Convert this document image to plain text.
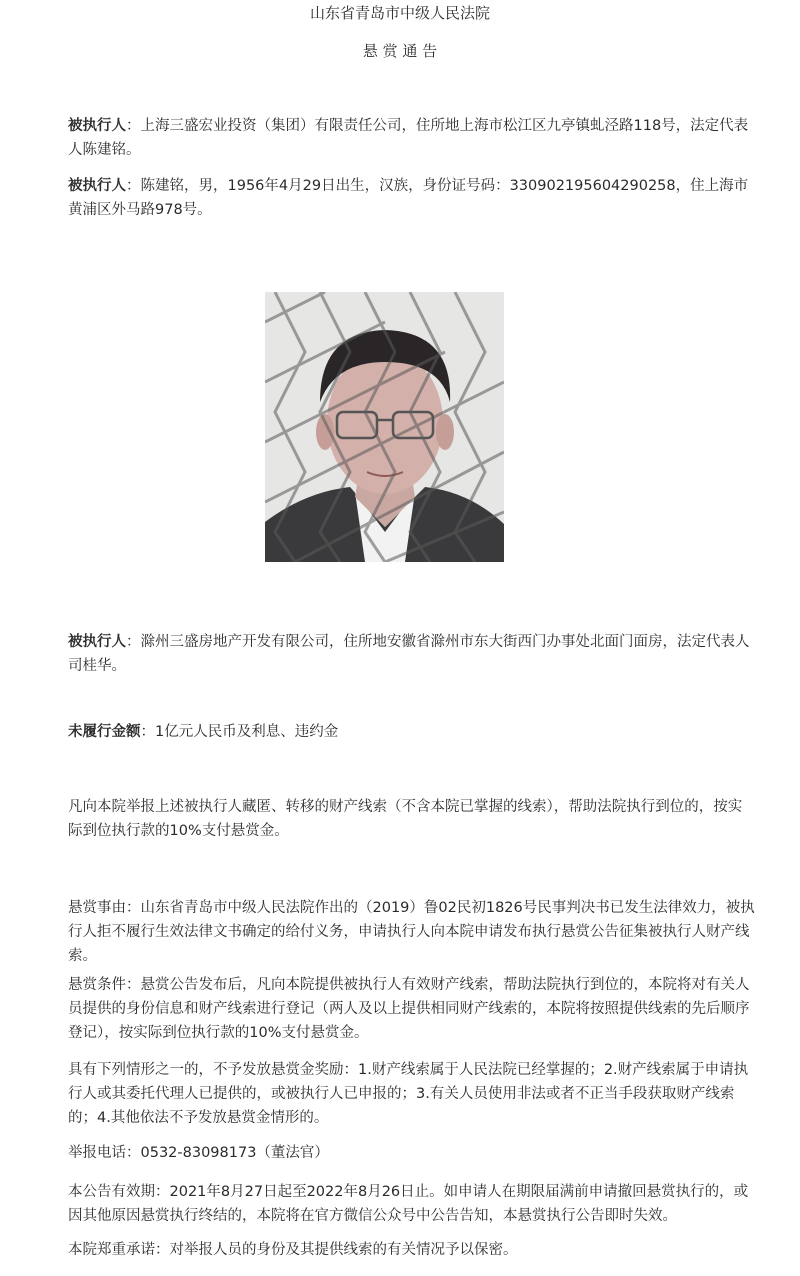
山东省青岛市中级人民法院
悬 赏 通 告
被执行人：上海三盛宏业投资（集团）有限责任公司，住所地上海市松江区九亭镇虬泾路118号，法定代表人陈建铭。
被执行人：陈建铭，男，1956年4月29日出生，汉族，身份证号码：330902195604290258，住上海市黄浦区外马路978号。
被执行人：滁州三盛房地产开发有限公司，住所地安徽省滁州市东大街西门办事处北面门面房，法定代表人司桂华。
未履行金额：1亿元人民币及利息、违约金
凡向本院举报上述被执行人藏匿、转移的财产线索（不含本院已掌握的线索），帮助法院执行到位的，按实际到位执行款的10%支付悬赏金。
悬赏事由：山东省青岛市中级人民法院作出的（2019）鲁02民初1826号民事判决书已发生法律效力，被执行人拒不履行生效法律文书确定的给付义务，申请执行人向本院申请发布执行悬赏公告征集被执行人财产线索。
悬赏条件：悬赏公告发布后，凡向本院提供被执行人有效财产线索，帮助法院执行到位的，本院将对有关人员提供的身份信息和财产线索进行登记（两人及以上提供相同财产线索的，本院将按照提供线索的先后顺序登记），按实际到位执行款的10%支付悬赏金。
具有下列情形之一的，不予发放悬赏金奖励：1.财产线索属于人民法院已经掌握的；2.财产线索属于申请执行人或其委托代理人已提供的，或被执行人已申报的；3.有关人员使用非法或者不正当手段获取财产线索的；4.其他依法不予发放悬赏金情形的。
举报电话：0532-83098173（董法官）
本公告有效期：2021年8月27日起至2022年8月26日止。如申请人在期限届满前申请撤回悬赏执行的，或因其他原因悬赏执行终结的，本院将在官方微信公众号中公告告知，本悬赏执行公告即时失效。
本院郑重承诺：对举报人员的身份及其提供线索的有关情况予以保密。
